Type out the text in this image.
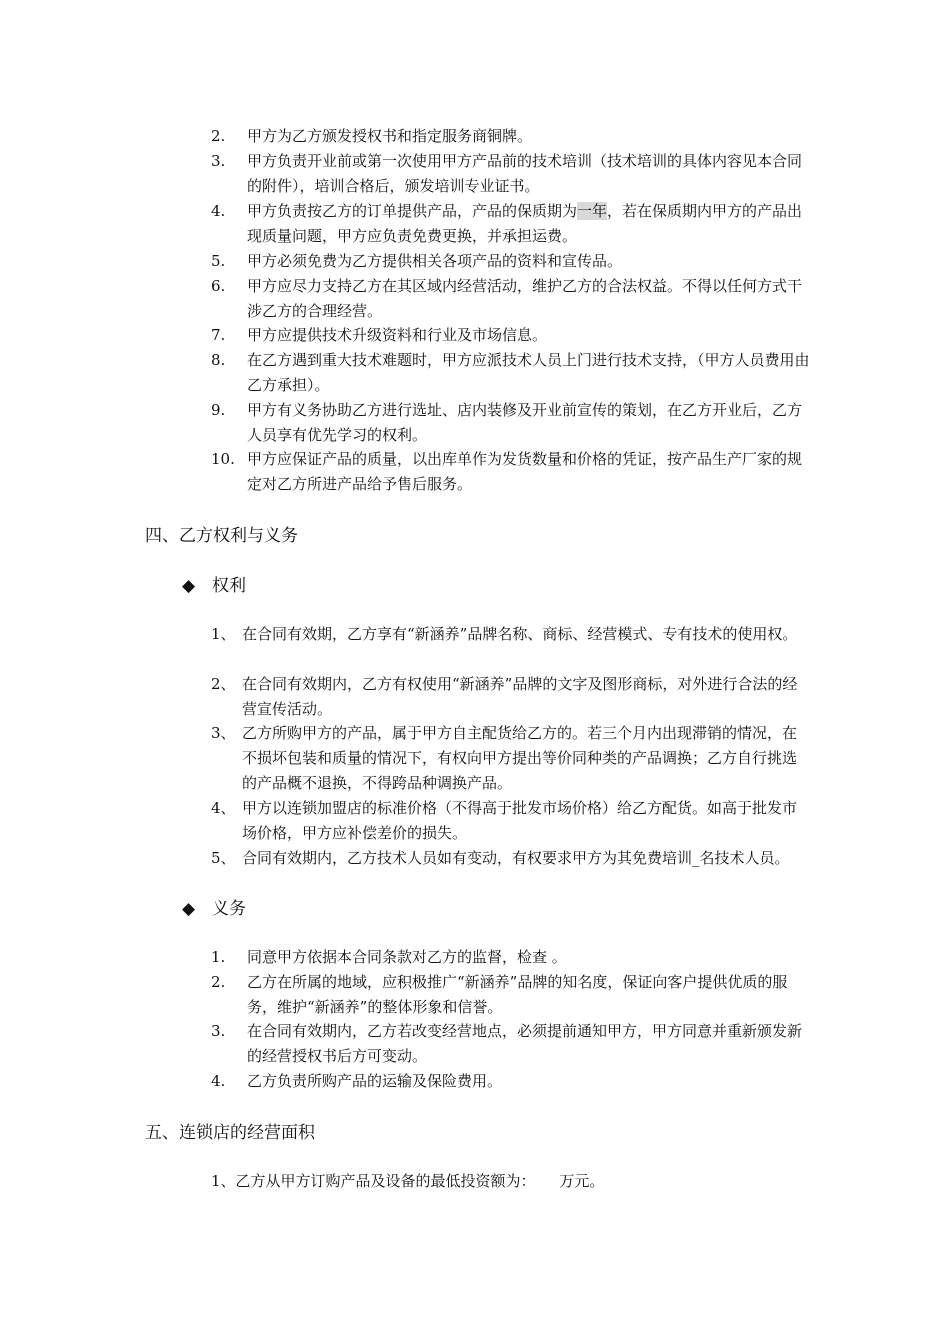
2. 甲方为乙方颁发授权书和指定服务商铜牌。
3. 甲方负责开业前或第一次使用甲方产品前的技术培训（技术培训的具体内容见本合同的附件），培训合格后，颁发培训专业证书。
4. 甲方负责按乙方的订单提供产品，产品的保质期为一年，若在保质期内甲方的产品出现质量问题，甲方应负责免费更换，并承担运费。
5. 甲方必须免费为乙方提供相关各项产品的资料和宣传品。
6. 甲方应尽力支持乙方在其区域内经营活动，维护乙方的合法权益。不得以任何方式干涉乙方的合理经营。
7. 甲方应提供技术升级资料和行业及市场信息。
8. 在乙方遇到重大技术难题时，甲方应派技术人员上门进行技术支持，（甲方人员费用由乙方承担）。
9. 甲方有义务协助乙方进行选址、店内装修及开业前宣传的策划，在乙方开业后，乙方人员享有优先学习的权利。
10. 甲方应保证产品的质量，以出库单作为发货数量和价格的凭证，按产品生产厂家的规定对乙方所进产品给予售后服务。
四、乙方权利与义务
◆ 权利
1、 在合同有效期，乙方享有“新涵养”品牌名称、商标、经营模式、专有技术的使用权。
2、 在合同有效期内，乙方有权使用“新涵养”品牌的文字及图形商标，对外进行合法的经营宣传活动。
3、 乙方所购甲方的产品，属于甲方自主配货给乙方的。若三个月内出现滞销的情况，在不损坏包装和质量的情况下，有权向甲方提出等价同种类的产品调换；乙方自行挑选的产品概不退换，不得跨品种调换产品。
4、 甲方以连锁加盟店的标准价格（不得高于批发市场价格）给乙方配货。如高于批发市场价格，甲方应补偿差价的损失。
5、 合同有效期内，乙方技术人员如有变动，有权要求甲方为其免费培训_名技术人员。
◆ 义务
1. 同意甲方依据本合同条款对乙方的监督，检查 。
2. 乙方在所属的地域，应积极推广“新涵养”品牌的知名度，保证向客户提供优质的服务，维护“新涵养”的整体形象和信誉。
3. 在合同有效期内，乙方若改变经营地点，必须提前通知甲方，甲方同意并重新颁发新的经营授权书后方可变动。
4. 乙方负责所购产品的运输及保险费用。
五、连锁店的经营面积
1、乙方从甲方订购产品及设备的最低投资额为：     万元。
